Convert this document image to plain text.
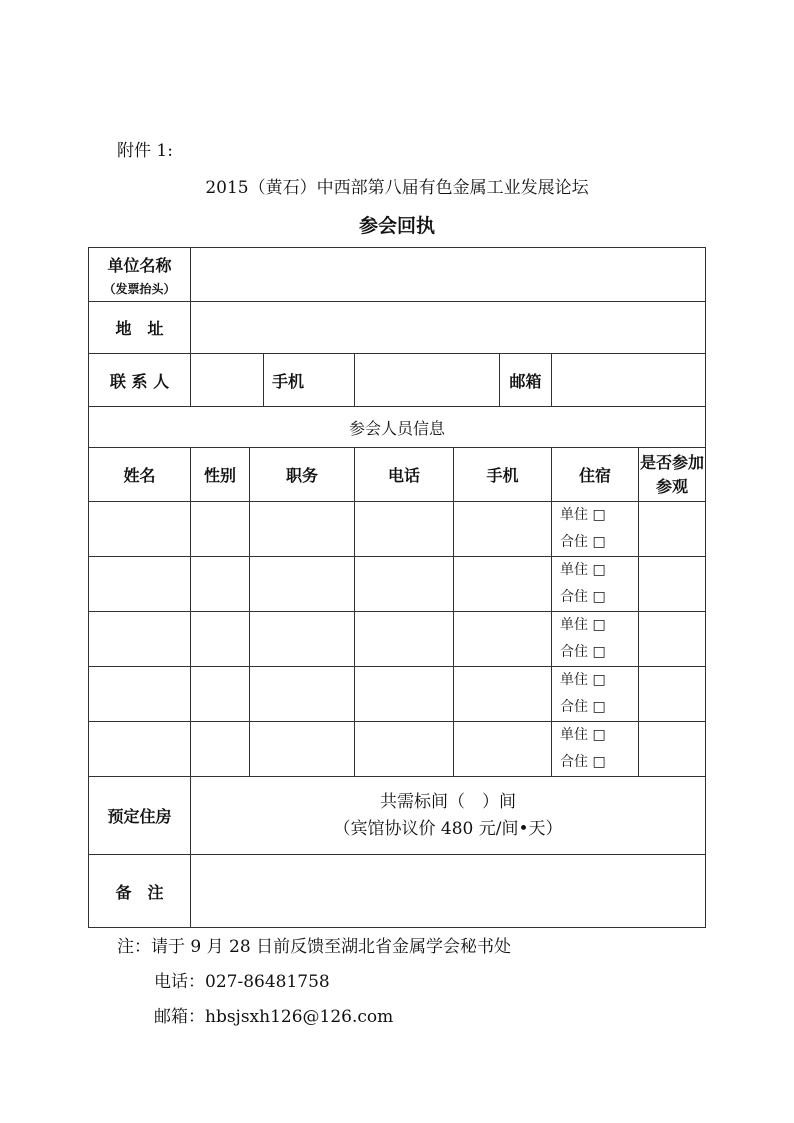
附件 1:
2015（黄石）中西部第八届有色金属工业发展论坛
参会回执
单位名称
（发票抬头）								

地　址								
联 系 人			手机			邮箱		
参会人员信息								
姓名	性别	职务		电话	手机		住宿	是否参加参观

							单住 □
合住 □	

							单住 □
合住 □	

							单住 □
合住 □	

							单住 □
合住 □	

							单住 □
合住 □	

预定住房	共需标间（　）间
（宾馆协议价 480 元/间•天）							

备　注								
注：请于 9 月 28 日前反馈至湖北省金属学会秘书处
电话：027-86481758
邮箱：hbsjsxh126@126.com
